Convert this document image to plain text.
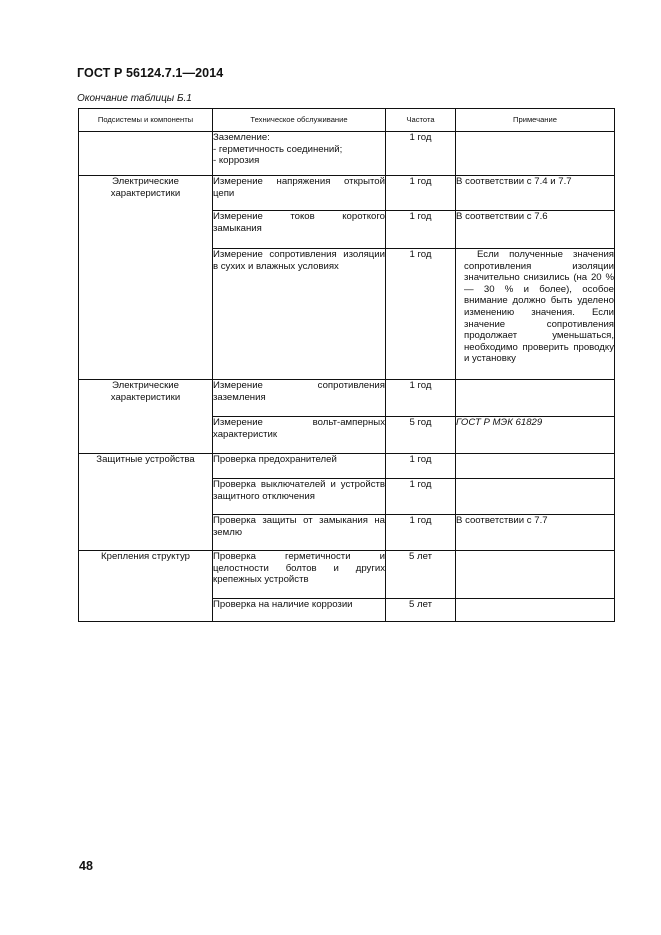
ГОСТ Р 56124.7.1—2014
Окончание таблицы Б.1
Подсистемы и компоненты	Техническое обслуживание	Частота	Примечание

	Заземление:
- герметичность соединений;
- коррозия	1 год	
Электрические характеристики	Измерение напряжения открытой цепи	1 год	В соответствии с 7.4 и 7.7
	Измерение токов короткого замыкания	1 год	В соответствии с 7.6
	Измерение сопротивления изоляции в сухих и влажных условиях	1 год	Если полученные значения сопротивления изоляции значительно снизились (на 20 % — 30 % и более), особое внимание должно быть уделено изменению значения. Если значение сопротивления продолжает уменьшаться, необходимо проверить проводку и установку
Электрические характеристики	Измерение сопротивления заземления	1 год	
	Измерение вольт-амперных характеристик	5 год	ГОСТ Р МЭК 61829
Защитные устройства	Проверка предохранителей	1 год	
	Проверка выключателей и устройств защитного отключения	1 год	
	Проверка защиты от замыкания на землю	1 год	В соответствии с 7.7
Крепления структур	Проверка герметичности и целостности болтов и других крепежных устройств	5 лет	
	Проверка на наличие коррозии	5 лет	
48
